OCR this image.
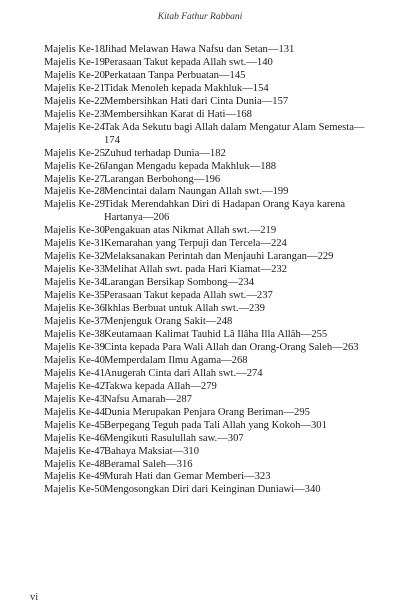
Kitab Fathur Rabbani
Majelis Ke-18 Jihad Melawan Hawa Nafsu dan Setan—131
Majelis Ke-19 Perasaan Takut kepada Allah swt.—140
Majelis Ke-20 Perkataan Tanpa Perbuatan—145
Majelis Ke-21 Tidak Menoleh kepada Makhluk—154
Majelis Ke-22 Membersihkan Hati dari Cinta Dunia—157
Majelis Ke-23 Membersihkan Karat di Hati—168
Majelis Ke-24 Tak Ada Sekutu bagi Allah dalam Mengatur Alam Semesta—174
Majelis Ke-25 Zuhud terhadap Dunia—182
Majelis Ke-26 Jangan Mengadu kepada Makhluk—188
Majelis Ke-27 Larangan Berbohong—196
Majelis Ke-28 Mencintai dalam Naungan Allah swt.—199
Majelis Ke-29 Tidak Merendahkan Diri di Hadapan Orang Kaya karena Hartanya—206
Majelis Ke-30 Pengakuan atas Nikmat Allah swt.—219
Majelis Ke-31 Kemarahan yang Terpuji dan Tercela—224
Majelis Ke-32 Melaksanakan Perintah dan Menjauhi Larangan—229
Majelis Ke-33 Melihat Allah swt. pada Hari Kiamat—232
Majelis Ke-34 Larangan Bersikap Sombong—234
Majelis Ke-35 Perasaan Takut kepada Allah swt.—237
Majelis Ke-36 Ikhlas Berbuat untuk Allah swt.—239
Majelis Ke-37 Menjenguk Orang Sakit—248
Majelis Ke-38 Keutamaan Kalimat Tauhid Lâ Ilâha Illa Allâh—255
Majelis Ke-39 Cinta kepada Para Wali Allah dan Orang-Orang Saleh—263
Majelis Ke-40 Memperdalam Ilmu Agama—268
Majelis Ke-41 Anugerah Cinta dari Allah swt.—274
Majelis Ke-42 Takwa kepada Allah—279
Majelis Ke-43 Nafsu Amarah—287
Majelis Ke-44 Dunia Merupakan Penjara Orang Beriman—295
Majelis Ke-45 Berpegang Teguh pada Tali Allah yang Kokoh—301
Majelis Ke-46 Mengikuti Rasulullah saw.—307
Majelis Ke-47 Bahaya Maksiat—310
Majelis Ke-48 Beramal Saleh—316
Majelis Ke-49 Murah Hati dan Gemar Memberi—323
Majelis Ke-50 Mengosongkan Diri dari Keinginan Duniawi—340
vi
